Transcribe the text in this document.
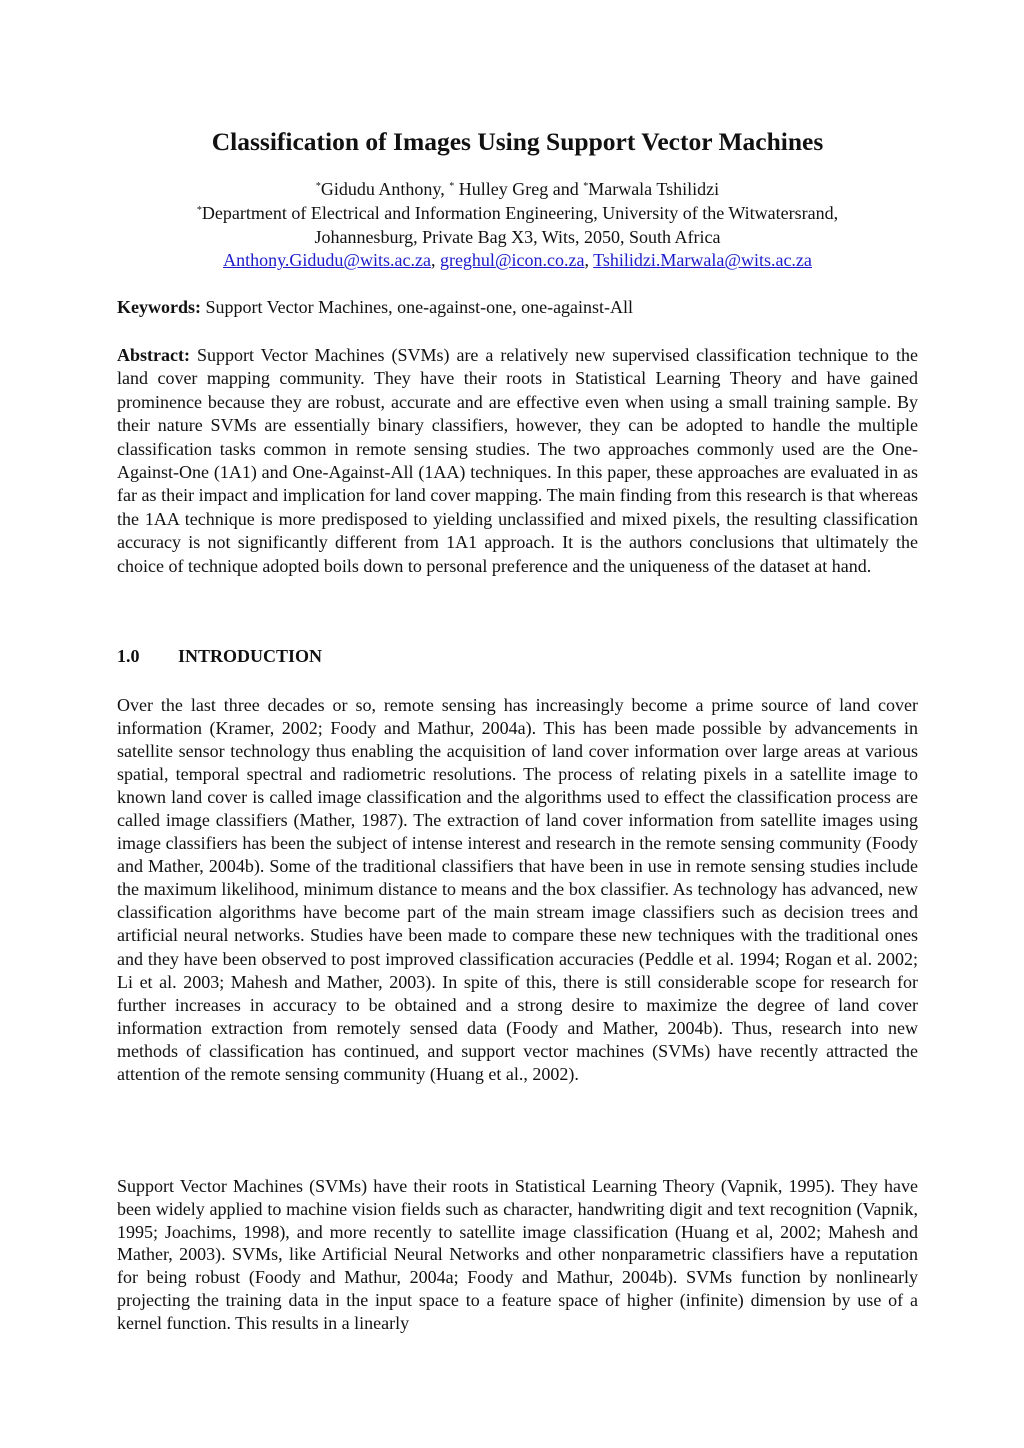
Classification of Images Using Support Vector Machines
*Gidudu Anthony, * Hulley Greg and *Marwala Tshilidzi
*Department of Electrical and Information Engineering, University of the Witwatersrand,
Johannesburg, Private Bag X3, Wits, 2050, South Africa
Anthony.Gidudu@wits.ac.za, greghul@icon.co.za, Tshilidzi.Marwala@wits.ac.za
Keywords: Support Vector Machines, one-against-one, one-against-All
Abstract: Support Vector Machines (SVMs) are a relatively new supervised classification technique to the land cover mapping community. They have their roots in Statistical Learning Theory and have gained prominence because they are robust, accurate and are effective even when using a small training sample. By their nature SVMs are essentially binary classifiers, however, they can be adopted to handle the multiple classification tasks common in remote sensing studies. The two approaches commonly used are the One-Against-One (1A1) and One-Against-All (1AA) techniques. In this paper, these approaches are evaluated in as far as their impact and implication for land cover mapping. The main finding from this research is that whereas the 1AA technique is more predisposed to yielding unclassified and mixed pixels, the resulting classification accuracy is not significantly different from 1A1 approach. It is the authors conclusions that ultimately the choice of technique adopted boils down to personal preference and the uniqueness of the dataset at hand.
1.0 INTRODUCTION
Over the last three decades or so, remote sensing has increasingly become a prime source of land cover information (Kramer, 2002; Foody and Mathur, 2004a). This has been made possible by advancements in satellite sensor technology thus enabling the acquisition of land cover information over large areas at various spatial, temporal spectral and radiometric resolutions. The process of relating pixels in a satellite image to known land cover is called image classification and the algorithms used to effect the classification process are called image classifiers (Mather, 1987). The extraction of land cover information from satellite images using image classifiers has been the subject of intense interest and research in the remote sensing community (Foody and Mather, 2004b). Some of the traditional classifiers that have been in use in remote sensing studies include the maximum likelihood, minimum distance to means and the box classifier. As technology has advanced, new classification algorithms have become part of the main stream image classifiers such as decision trees and artificial neural networks. Studies have been made to compare these new techniques with the traditional ones and they have been observed to post improved classification accuracies (Peddle et al. 1994; Rogan et al. 2002; Li et al. 2003; Mahesh and Mather, 2003). In spite of this, there is still considerable scope for research for further increases in accuracy to be obtained and a strong desire to maximize the degree of land cover information extraction from remotely sensed data (Foody and Mather, 2004b). Thus, research into new methods of classification has continued, and support vector machines (SVMs) have recently attracted the attention of the remote sensing community (Huang et al., 2002).
Support Vector Machines (SVMs) have their roots in Statistical Learning Theory (Vapnik, 1995). They have been widely applied to machine vision fields such as character, handwriting digit and text recognition (Vapnik, 1995; Joachims, 1998), and more recently to satellite image classification (Huang et al, 2002; Mahesh and Mather, 2003). SVMs, like Artificial Neural Networks and other nonparametric classifiers have a reputation for being robust (Foody and Mathur, 2004a; Foody and Mathur, 2004b). SVMs function by nonlinearly projecting the training data in the input space to a feature space of higher (infinite) dimension by use of a kernel function. This results in a linearly
